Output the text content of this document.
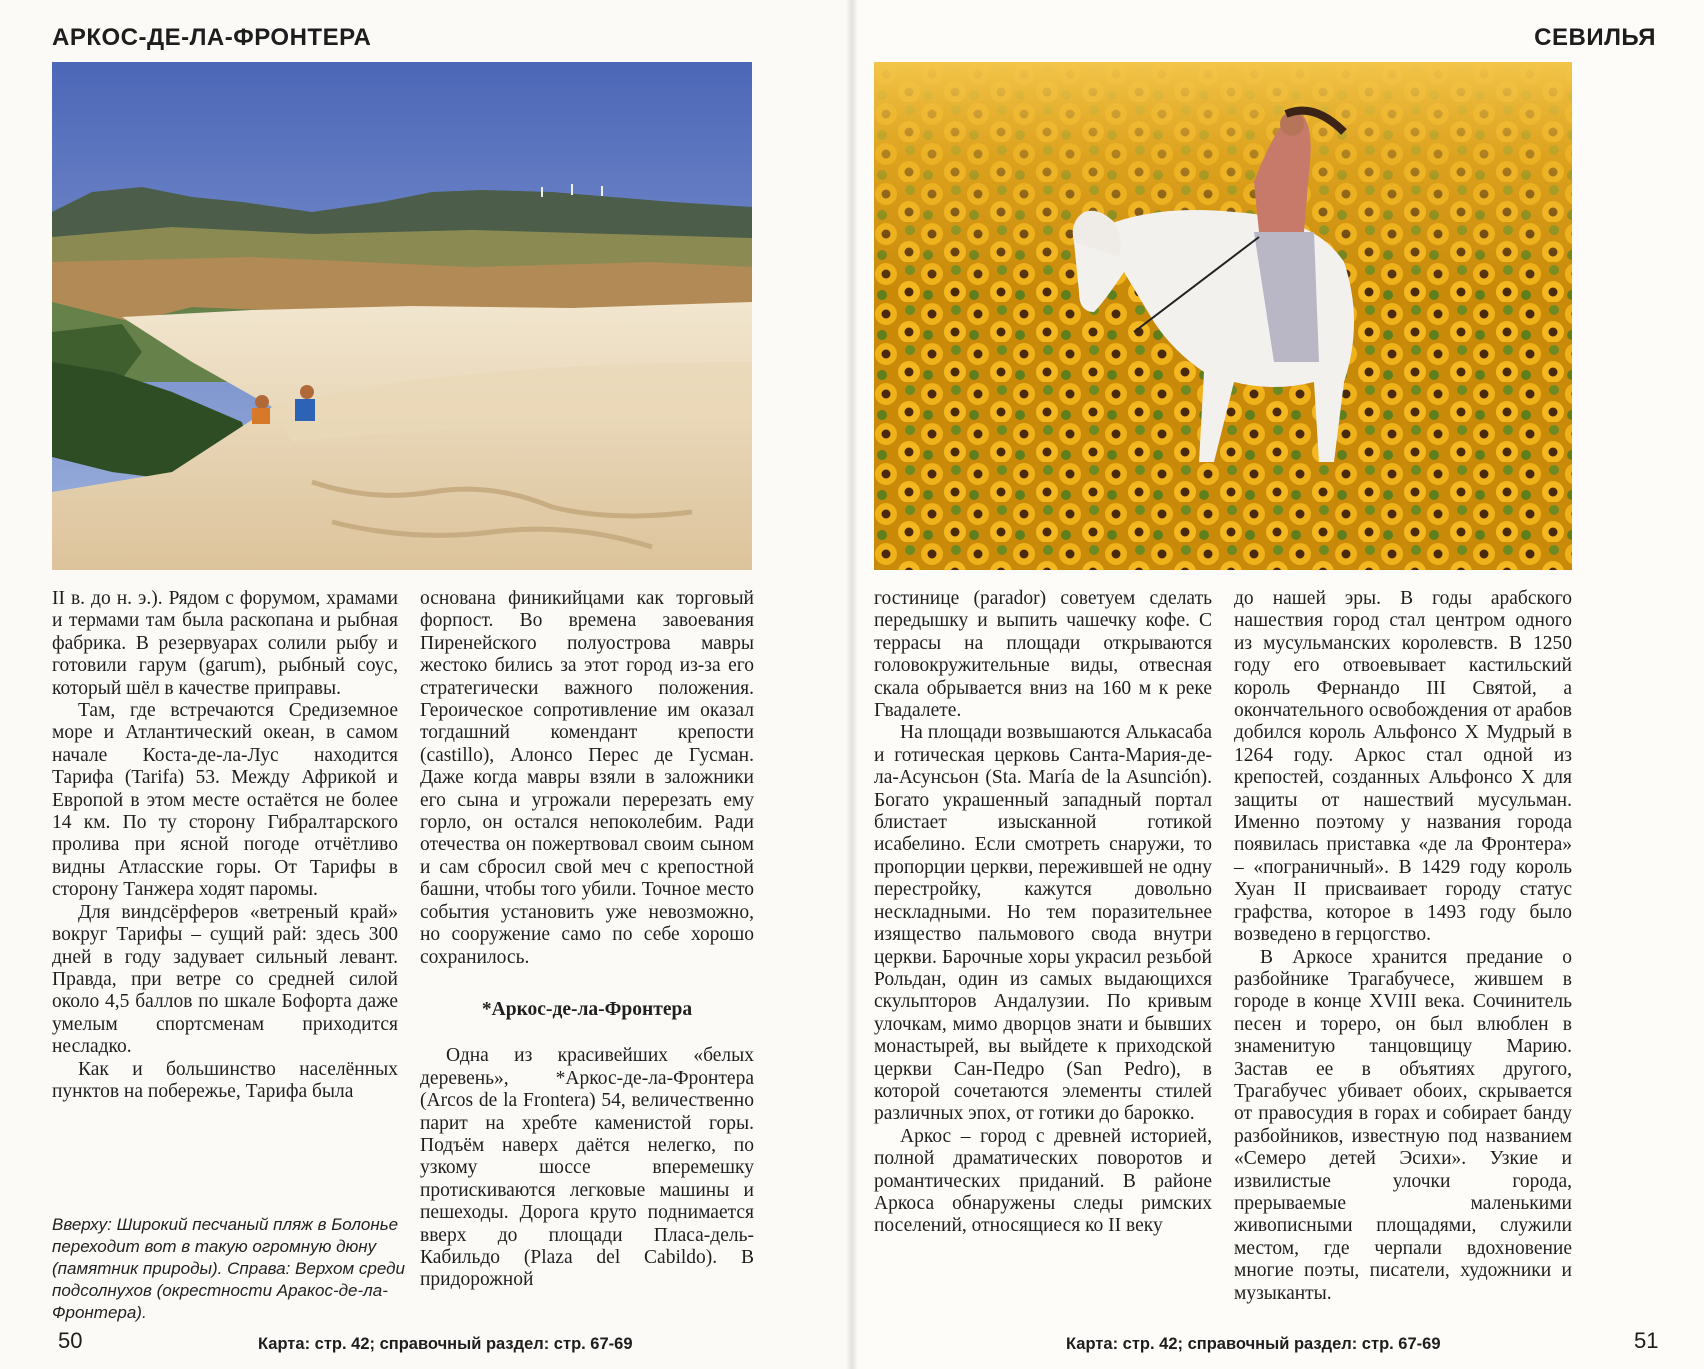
АРКОС-ДЕ-ЛА-ФРОНТЕРА

II в. до н. э.). Рядом с форумом, храмами и термами там была раскопана и рыбная фабрика. В резервуарах солили рыбу и готовили гарум (garum), рыбный соус, который шёл в качестве приправы.

Там, где встречаются Средиземное море и Атлантический океан, в самом начале Коста-де-ла-Лус находится Тарифа (Tarifa) 53. Между Африкой и Европой в этом месте остаётся не более 14 км. По ту сторону Гибралтарского пролива при ясной погоде отчётливо видны Атласские горы. От Тарифы в сторону Танжера ходят паромы.

Для виндсёрферов «ветреный край» вокруг Тарифы – сущий рай: здесь 300 дней в году задувает сильный левант. Правда, при ветре со средней силой около 4,5 баллов по шкале Бофорта даже умелым спортсменам приходится несладко.

Как и большинство населённых пунктов на побережье, Тарифа была

основана финикийцами как торговый форпост. Во времена завоевания Пиренейского полуострова мавры жестоко бились за этот город из-за его стратегически важного положения. Героическое сопротивление им оказал тогдашний комендант крепости (castillo), Алонсо Перес де Гусман. Даже когда мавры взяли в заложники его сына и угрожали перерезать ему горло, он остался непоколебим. Ради отечества он пожертвовал своим сыном и сам сбросил свой меч с крепостной башни, чтобы того убили. Точное место события установить уже невозможно, но сооружение само по себе хорошо сохранилось.

*Аркос-де-ла-Фронтера

Одна из красивейших «белых деревень», *Аркос-де-ла-Фронтера (Arcos de la Frontera) 54, величественно парит на хребте каменистой горы. Подъём наверх даётся нелегко, по узкому шоссе вперемешку протискиваются легковые машины и пешеходы. Дорога круто поднимается вверх до площади Пласа-дель-Кабильдо (Plaza del Cabildo). В придорожной

Вверху: Широкий песчаный пляж в Болонье переходит вот в такую огромную дюну (памятник природы). Справа: Верхом среди подсолнухов (окрестности Аракос-де-ла-Фронтера).
50	Карта: стр. 42; справочный раздел: стр. 67-69
СЕВИЛЬЯ

гостинице (parador) советуем сделать передышку и выпить чашечку кофе. С террасы на площади открываются головокружительные виды, отвесная скала обрывается вниз на 160 м к реке Гвадалете.

На площади возвышаются Алькасаба и готическая церковь Санта-Мария-де-ла-Асунсьон (Sta. María de la Asunción). Богато украшенный западный портал блистает изысканной готикой исабелино. Если смотреть снаружи, то пропорции церкви, пережившей не одну перестройку, кажутся довольно нескладными. Но тем поразительнее изящество пальмового свода внутри церкви. Барочные хоры украсил резьбой Рольдан, один из самых выдающихся скульпторов Андалузии. По кривым улочкам, мимо дворцов знати и бывших монастырей, вы выйдете к приходской церкви Сан-Педро (San Pedro), в которой сочетаются элементы стилей различных эпох, от готики до барокко.

Аркос – город с древней историей, полной драматических поворотов и романтических приданий. В районе Аркоса обнаружены следы римских поселений, относящиеся ко II веку

до нашей эры. В годы арабского нашествия город стал центром одного из мусульманских королевств. В 1250 году его отвоевывает кастильский король Фернандо III Святой, а окончательного освобождения от арабов добился король Альфонсо X Мудрый в 1264 году. Аркос стал одной из крепостей, созданных Альфонсо X для защиты от нашествий мусульман. Именно поэтому у названия города появилась приставка «де ла Фронтера» – «пограничный». В 1429 году король Хуан II присваивает городу статус графства, которое в 1493 году было возведено в герцогство.

В Аркосе хранится предание о разбойнике Трагабучесе, жившем в городе в конце XVIII века. Сочинитель песен и тореро, он был влюблен в знаменитую танцовщицу Марию. Застав ее в объятиях другого, Трагабучес убивает обоих, скрывается от правосудия в горах и собирает банду разбойников, известную под названием «Семеро детей Эсихи». Узкие и извилистые улочки города, прерываемые маленькими живописными площадями, служили местом, где черпали вдохновение многие поэты, писатели, художники и музыканты.

Карта: стр. 42; справочный раздел: стр. 67-69	51
